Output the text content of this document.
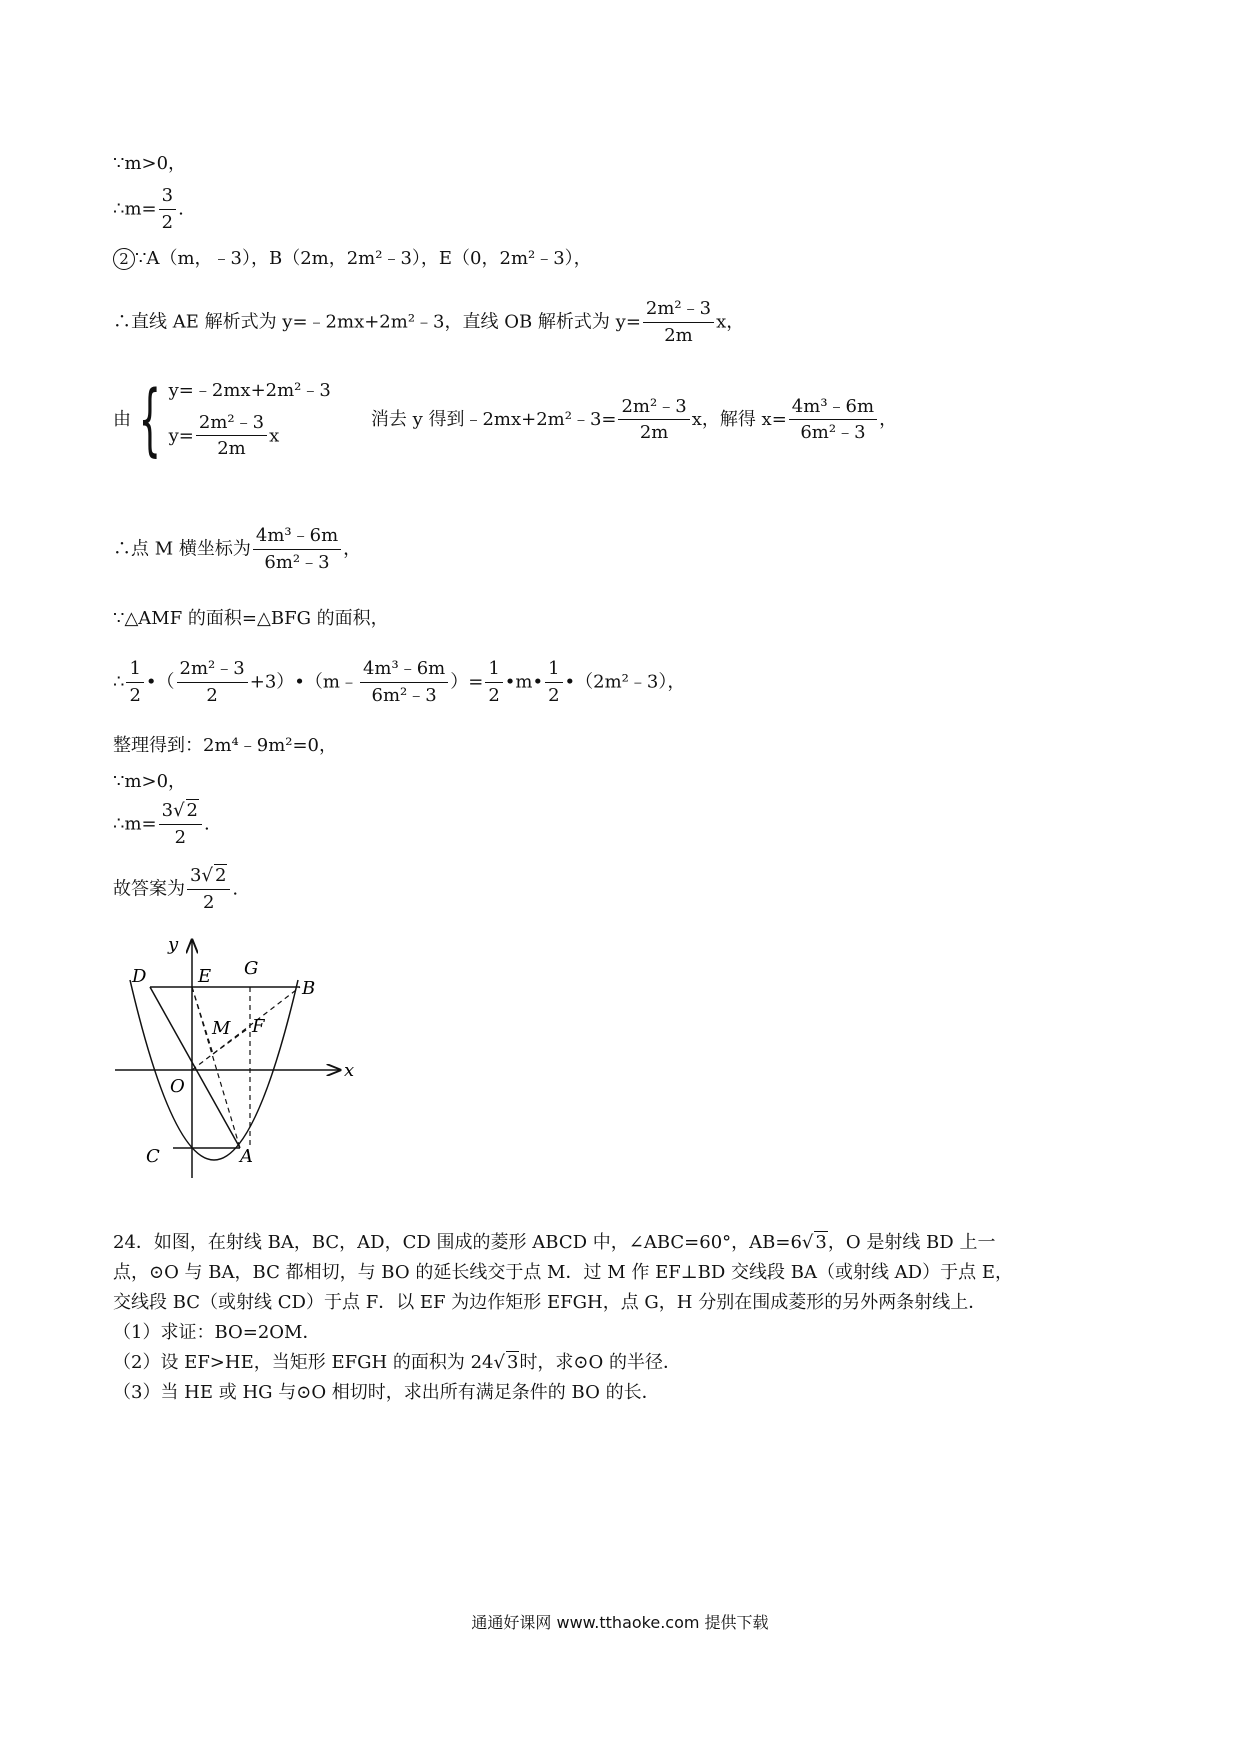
∵m>0，
∴m= $\frac{3}{2}$ .
2 ∵A（m，﹣3），B（2m，2m²﹣3），E（0，2m²﹣3），
∴直线 AE 解析式为 y=﹣2mx+2m²﹣3，直线 OB 解析式为 $y= \frac{\text{2m²﹣3}}{2m}$ x，
由{ y=﹣2mx+2m²﹣3
$y= \frac{\text{2m²﹣3}}{2m}$ x
消去 y 得到﹣2mx+2m²﹣3= $\frac{\text{2m²﹣3}}{2m}$ x，解得 $x= \frac{\text{4m³﹣6m}}{\text{6m²﹣3}}$ ，
∴点 M 横坐标为 $\frac{\text{4m³﹣6m}}{\text{6m²﹣3}}$ ，
∵△AMF 的面积=△BFG 的面积，
∴ $\frac{1}{2}$ •（ $\frac{\text{2m²﹣3}}{2}$ +3）•（m﹣ $\frac{\text{4m³﹣6m}}{\text{6m²﹣3}}$ ）= $\frac{1}{2}$ •m• $\frac{1}{2}$ •（2m²﹣3），
整理得到：2m⁴﹣9m²=0，
∵m>0，
∴m= $\frac{3√ 2}{2}$ .
故答案为 $\frac{3√ 2}{2}$ .
y
x
D	E G
B
M F
O
C	A
24．如图，在射线 BA，BC，AD，CD 围成的菱形 ABCD 中，∠ABC=60°，AB=6√ 3，O 是射线 BD 上一
点，⊙O 与 BA，BC 都相切，与 BO 的延长线交于点 M．过 M 作 EF⊥BD 交线段 BA（或射线 AD）于点 E，
交线段 BC（或射线 CD）于点 F．以 EF 为边作矩形 EFGH，点 G，H 分别在围成菱形的另外两条射线上．
（1）求证：BO=2OM．
（2）设 EF>HE，当矩形 EFGH 的面积为 24√ 3时，求⊙O 的半径．
（3）当 HE 或 HG 与⊙O 相切时，求出所有满足条件的 BO 的长．
通通好课网 www.tthaoke.com 提供下载
